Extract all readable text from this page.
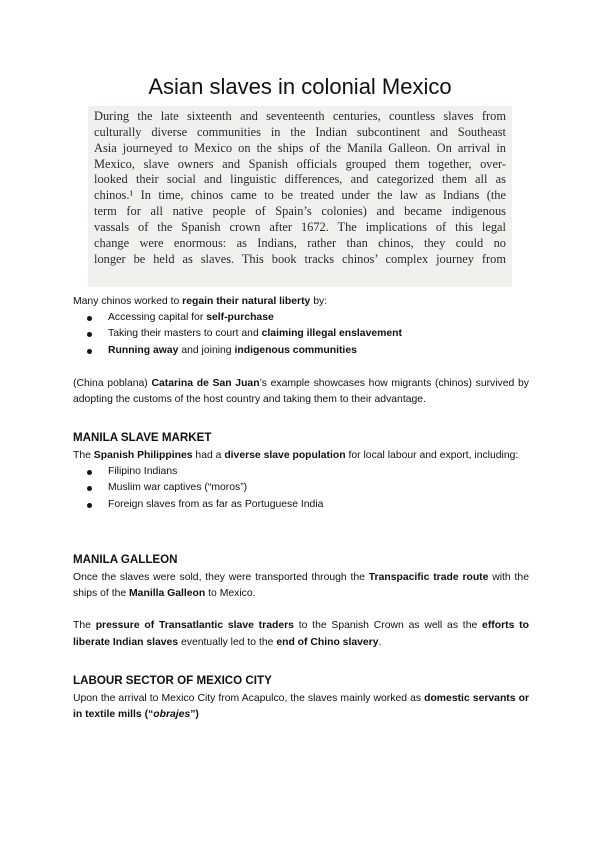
Asian slaves in colonial Mexico
During the late sixteenth and seventeenth centuries, countless slaves from
culturally diverse communities in the Indian subcontinent and Southeast
Asia journeyed to Mexico on the ships of the Manila Galleon. On arrival in
Mexico, slave owners and Spanish officials grouped them together, over-
looked their social and linguistic differences, and categorized them all as
chinos.¹ In time, chinos came to be treated under the law as Indians (the
term for all native people of Spain’s colonies) and became indigenous
vassals of the Spanish crown after 1672. The implications of this legal
change were enormous: as Indians, rather than chinos, they could no
longer be held as slaves. This book tracks chinos’ complex journey from

Many chinos worked to regain their natural liberty by:

Accessing capital for self-purchase
Taking their masters to court and claiming illegal enslavement
Running away and joining indigenous communities

(China poblana) Catarina de San Juan’s example showcases how migrants (chinos) survived by adopting the customs of the host country and taking them to their advantage.

MANILA SLAVE MARKET

The Spanish Philippines had a diverse slave population for local labour and export, including:

Filipino Indians
Muslim war captives (“moros”)
Foreign slaves from as far as Portuguese India
MANILA GALLEON

Once the slaves were sold, they were transported through the Transpacific trade route with the ships of the Manilla Galleon to Mexico.

The pressure of Transatlantic slave traders to the Spanish Crown as well as the efforts to liberate Indian slaves eventually led to the end of Chino slavery.

LABOUR SECTOR OF MEXICO CITY

Upon the arrival to Mexico City from Acapulco, the slaves mainly worked as domestic servants or in textile mills (“obrajes”)
